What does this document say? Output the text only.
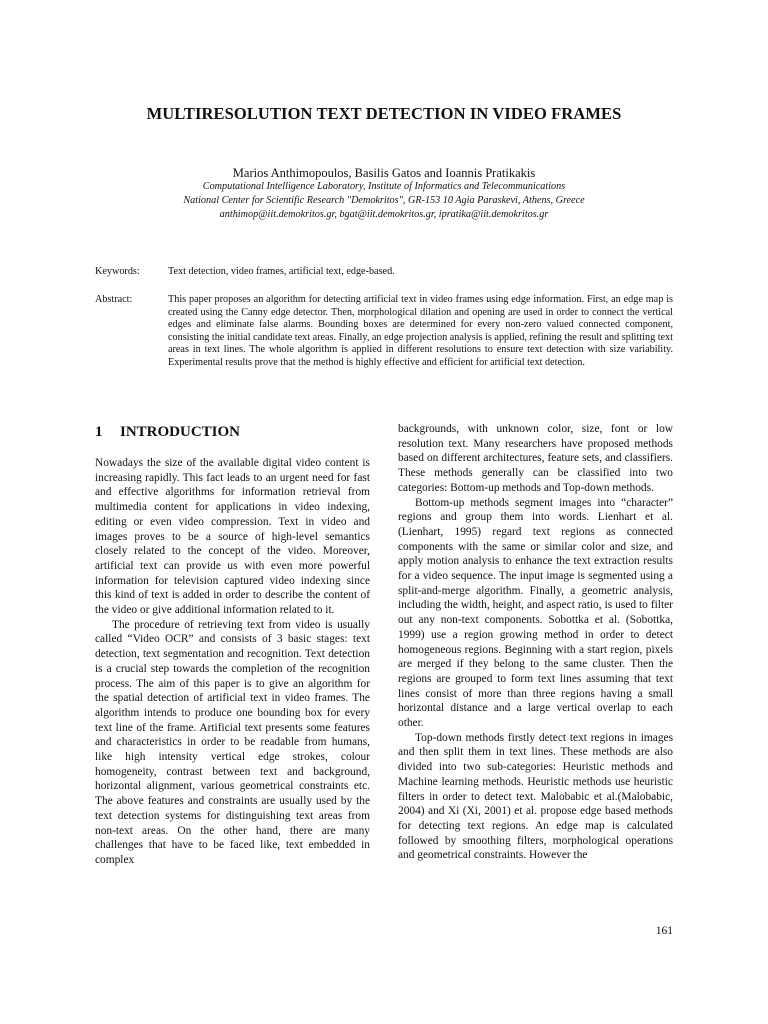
MULTIRESOLUTION TEXT DETECTION IN VIDEO FRAMES
Marios Anthimopoulos, Basilis Gatos and Ioannis Pratikakis
Computational Intelligence Laboratory, Institute of Informatics and Telecommunications
National Center for Scientific Research "Demokritos", GR-153 10 Agia Paraskevi, Athens, Greece
anthimop@iit.demokritos.gr, bgat@iit.demokritos.gr, ipratika@iit.demokritos.gr
Keywords:	Text detection, video frames, artificial text, edge-based.
Abstract:	This paper proposes an algorithm for detecting artificial text in video frames using edge information. First, an edge map is created using the Canny edge detector. Then, morphological dilation and opening are used in order to connect the vertical edges and eliminate false alarms. Bounding boxes are determined for every non-zero valued connected component, consisting the initial candidate text areas. Finally, an edge projection analysis is applied, refining the result and splitting text areas in text lines. The whole algorithm is applied in different resolutions to ensure text detection with size variability. Experimental results prove that the method is highly effective and efficient for artificial text detection.
1 INTRODUCTION

Nowadays the size of the available digital video content is increasing rapidly. This fact leads to an urgent need for fast and effective algorithms for information retrieval from multimedia content for applications in video indexing, editing or even video compression. Text in video and images proves to be a source of high-level semantics closely related to the concept of the video. Moreover, artificial text can provide us with even more powerful information for television captured video indexing since this kind of text is added in order to describe the content of the video or give additional information related to it.

The procedure of retrieving text from video is usually called “Video OCR” and consists of 3 basic stages: text detection, text segmentation and recognition. Text detection is a crucial step towards the completion of the recognition process. The aim of this paper is to give an algorithm for the spatial detection of artificial text in video frames. The algorithm intends to produce one bounding box for every text line of the frame. Artificial text presents some features and characteristics in order to be readable from humans, like high intensity vertical edge strokes, colour homogeneity, contrast between text and background, horizontal alignment, various geometrical constraints etc. The above features and constraints are usually used by the text detection systems for distinguishing text areas from non-text areas. On the other hand, there are many challenges that have to be faced like, text embedded in complex

backgrounds, with unknown color, size, font or low resolution text. Many researchers have proposed methods based on different architectures, feature sets, and classifiers. These methods generally can be classified into two categories: Bottom-up methods and Top-down methods.

Bottom-up methods segment images into “character” regions and group them into words. Lienhart et al. (Lienhart, 1995) regard text regions as connected components with the same or similar color and size, and apply motion analysis to enhance the text extraction results for a video sequence. The input image is segmented using a split-and-merge algorithm. Finally, a geometric analysis, including the width, height, and aspect ratio, is used to filter out any non-text components. Sobottka et al. (Sobottka, 1999) use a region growing method in order to detect homogeneous regions. Beginning with a start region, pixels are merged if they belong to the same cluster. Then the regions are grouped to form text lines assuming that text lines consist of more than three regions having a small horizontal distance and a large vertical overlap to each other.

Top-down methods firstly detect text regions in images and then split them in text lines. These methods are also divided into two sub-categories: Heuristic methods and Machine learning methods. Heuristic methods use heuristic filters in order to detect text. Malobabic et al.(Malobabic, 2004) and Xi (Xi, 2001) et al. propose edge based methods for detecting text regions. An edge map is calculated followed by smoothing filters, morphological operations and geometrical constraints. However the

161
